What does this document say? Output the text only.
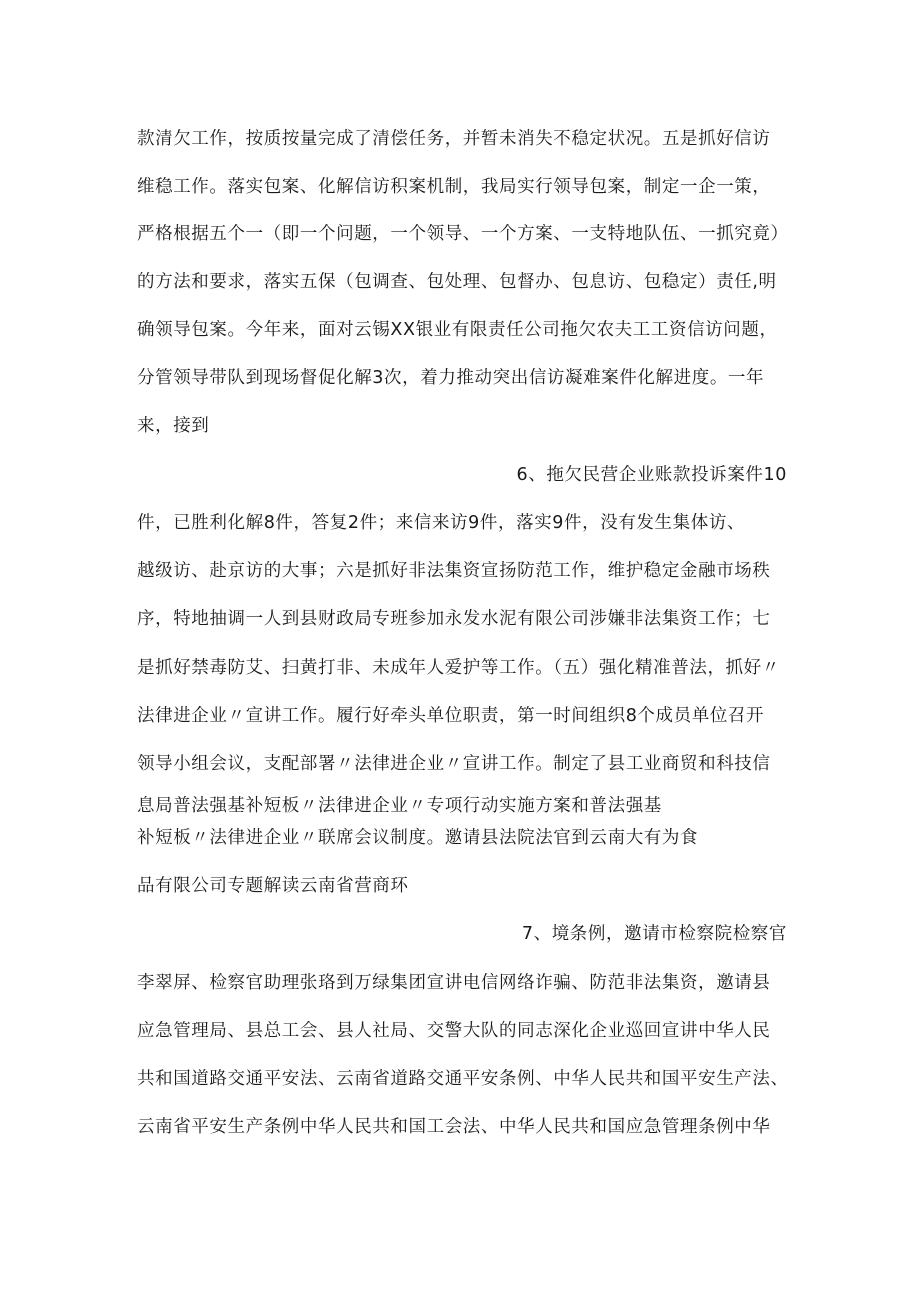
款清欠工作，按质按量完成了清偿任务，并暂未消失不稳定状况。五是抓好信访
维稳工作。落实包案、化解信访积案机制，我局实行领导包案，制定一企一策，
严格根据五个一（即一个问题，一个领导、一个方案、一支特地队伍、一抓究竟）
的方法和要求，落实五保（包调查、包处理、包督办、包息访、包稳定）责任,明
确领导包案。今年来，面对云锡XX银业有限责任公司拖欠农夫工工资信访问题，
分管领导带队到现场督促化解3次，着力推动突出信访凝难案件化解进度。一年
来，接到
6、拖欠民营企业账款投诉案件10
件，已胜利化解8件，答复2件；来信来访9件，落实9件，没有发生集体访、
越级访、赴京访的大事；六是抓好非法集资宣扬防范工作，维护稳定金融市场秩
序，特地抽调一人到县财政局专班参加永发水泥有限公司涉嫌非法集资工作；七
是抓好禁毒防艾、扫黄打非、未成年人爱护等工作。（五）强化精准普法，抓好〃
法律进企业〃宣讲工作。履行好牵头单位职责，第一时间组织8个成员单位召开
领导小组会议，支配部署〃法律进企业〃宣讲工作。制定了县工业商贸和科技信
息局普法强基补短板〃法律进企业〃专项行动实施方案和普法强基
补短板〃法律进企业〃联席会议制度。邀请县法院法官到云南大有为食
品有限公司专题解读云南省营商环
7、境条例，邀请市检察院检察官
李翠屏、检察官助理张珞到万绿集团宣讲电信网络诈骗、防范非法集资，邀请县
应急管理局、县总工会、县人社局、交警大队的同志深化企业巡回宣讲中华人民
共和国道路交通平安法、云南省道路交通平安条例、中华人民共和国平安生产法、
云南省平安生产条例中华人民共和国工会法、中华人民共和国应急管理条例中华
